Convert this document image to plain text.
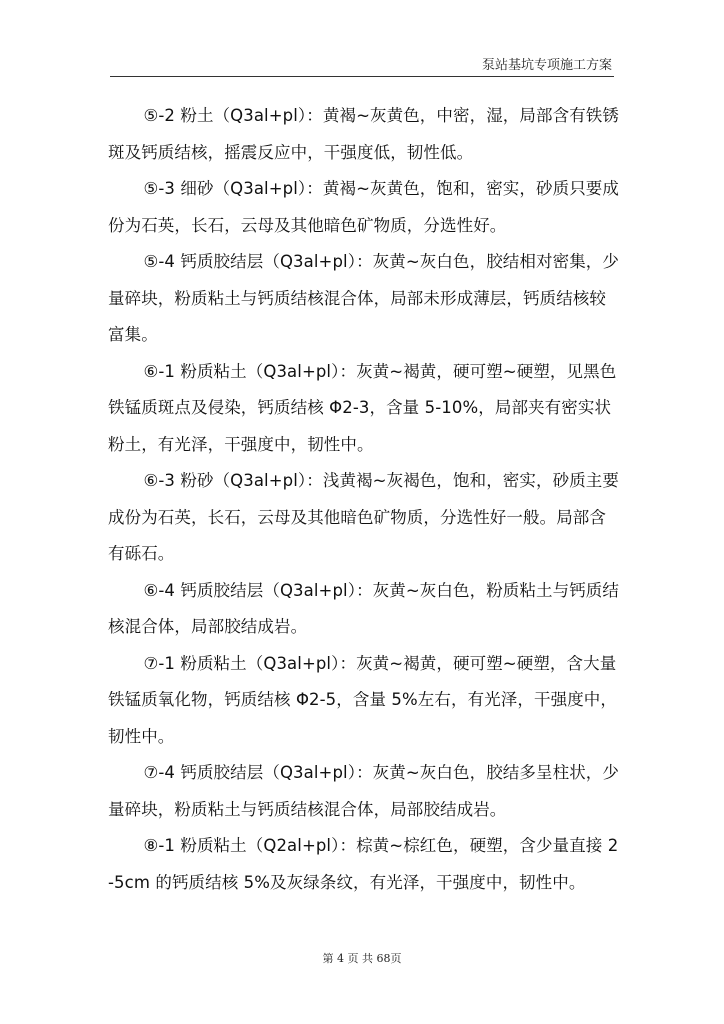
泵站基坑专项施工方案

⑤-2 粉土（Q3al+pl）：黄褐~灰黄色，中密，湿，局部含有铁锈斑及钙质结核，摇震反应中，干强度低，韧性低。

⑤-3 细砂（Q3al+pl）：黄褐~灰黄色，饱和，密实，砂质只要成份为石英，长石，云母及其他暗色矿物质，分选性好。

⑤-4 钙质胶结层（Q3al+pl）：灰黄~灰白色，胶结相对密集，少量碎块，粉质粘土与钙质结核混合体，局部未形成薄层，钙质结核较富集。

⑥-1 粉质粘土（Q3al+pl）：灰黄~褐黄，硬可塑~硬塑，见黑色铁锰质斑点及侵染，钙质结核 Φ2-3，含量 5-10%，局部夹有密实状粉土，有光泽，干强度中，韧性中。

⑥-3 粉砂（Q3al+pl）：浅黄褐~灰褐色，饱和，密实，砂质主要成份为石英，长石，云母及其他暗色矿物质，分选性好一般。局部含有砾石。

⑥-4 钙质胶结层（Q3al+pl）：灰黄~灰白色，粉质粘土与钙质结核混合体，局部胶结成岩。

⑦-1 粉质粘土（Q3al+pl）：灰黄~褐黄，硬可塑~硬塑，含大量铁锰质氧化物，钙质结核 Φ2-5，含量 5%左右，有光泽，干强度中，韧性中。

⑦-4 钙质胶结层（Q3al+pl）：灰黄~灰白色，胶结多呈柱状，少量碎块，粉质粘土与钙质结核混合体，局部胶结成岩。

⑧-1 粉质粘土（Q2al+pl）：棕黄~棕红色，硬塑，含少量直接 2-5cm 的钙质结核 5%及灰绿条纹，有光泽，干强度中，韧性中。

第 4 页 共 68页
